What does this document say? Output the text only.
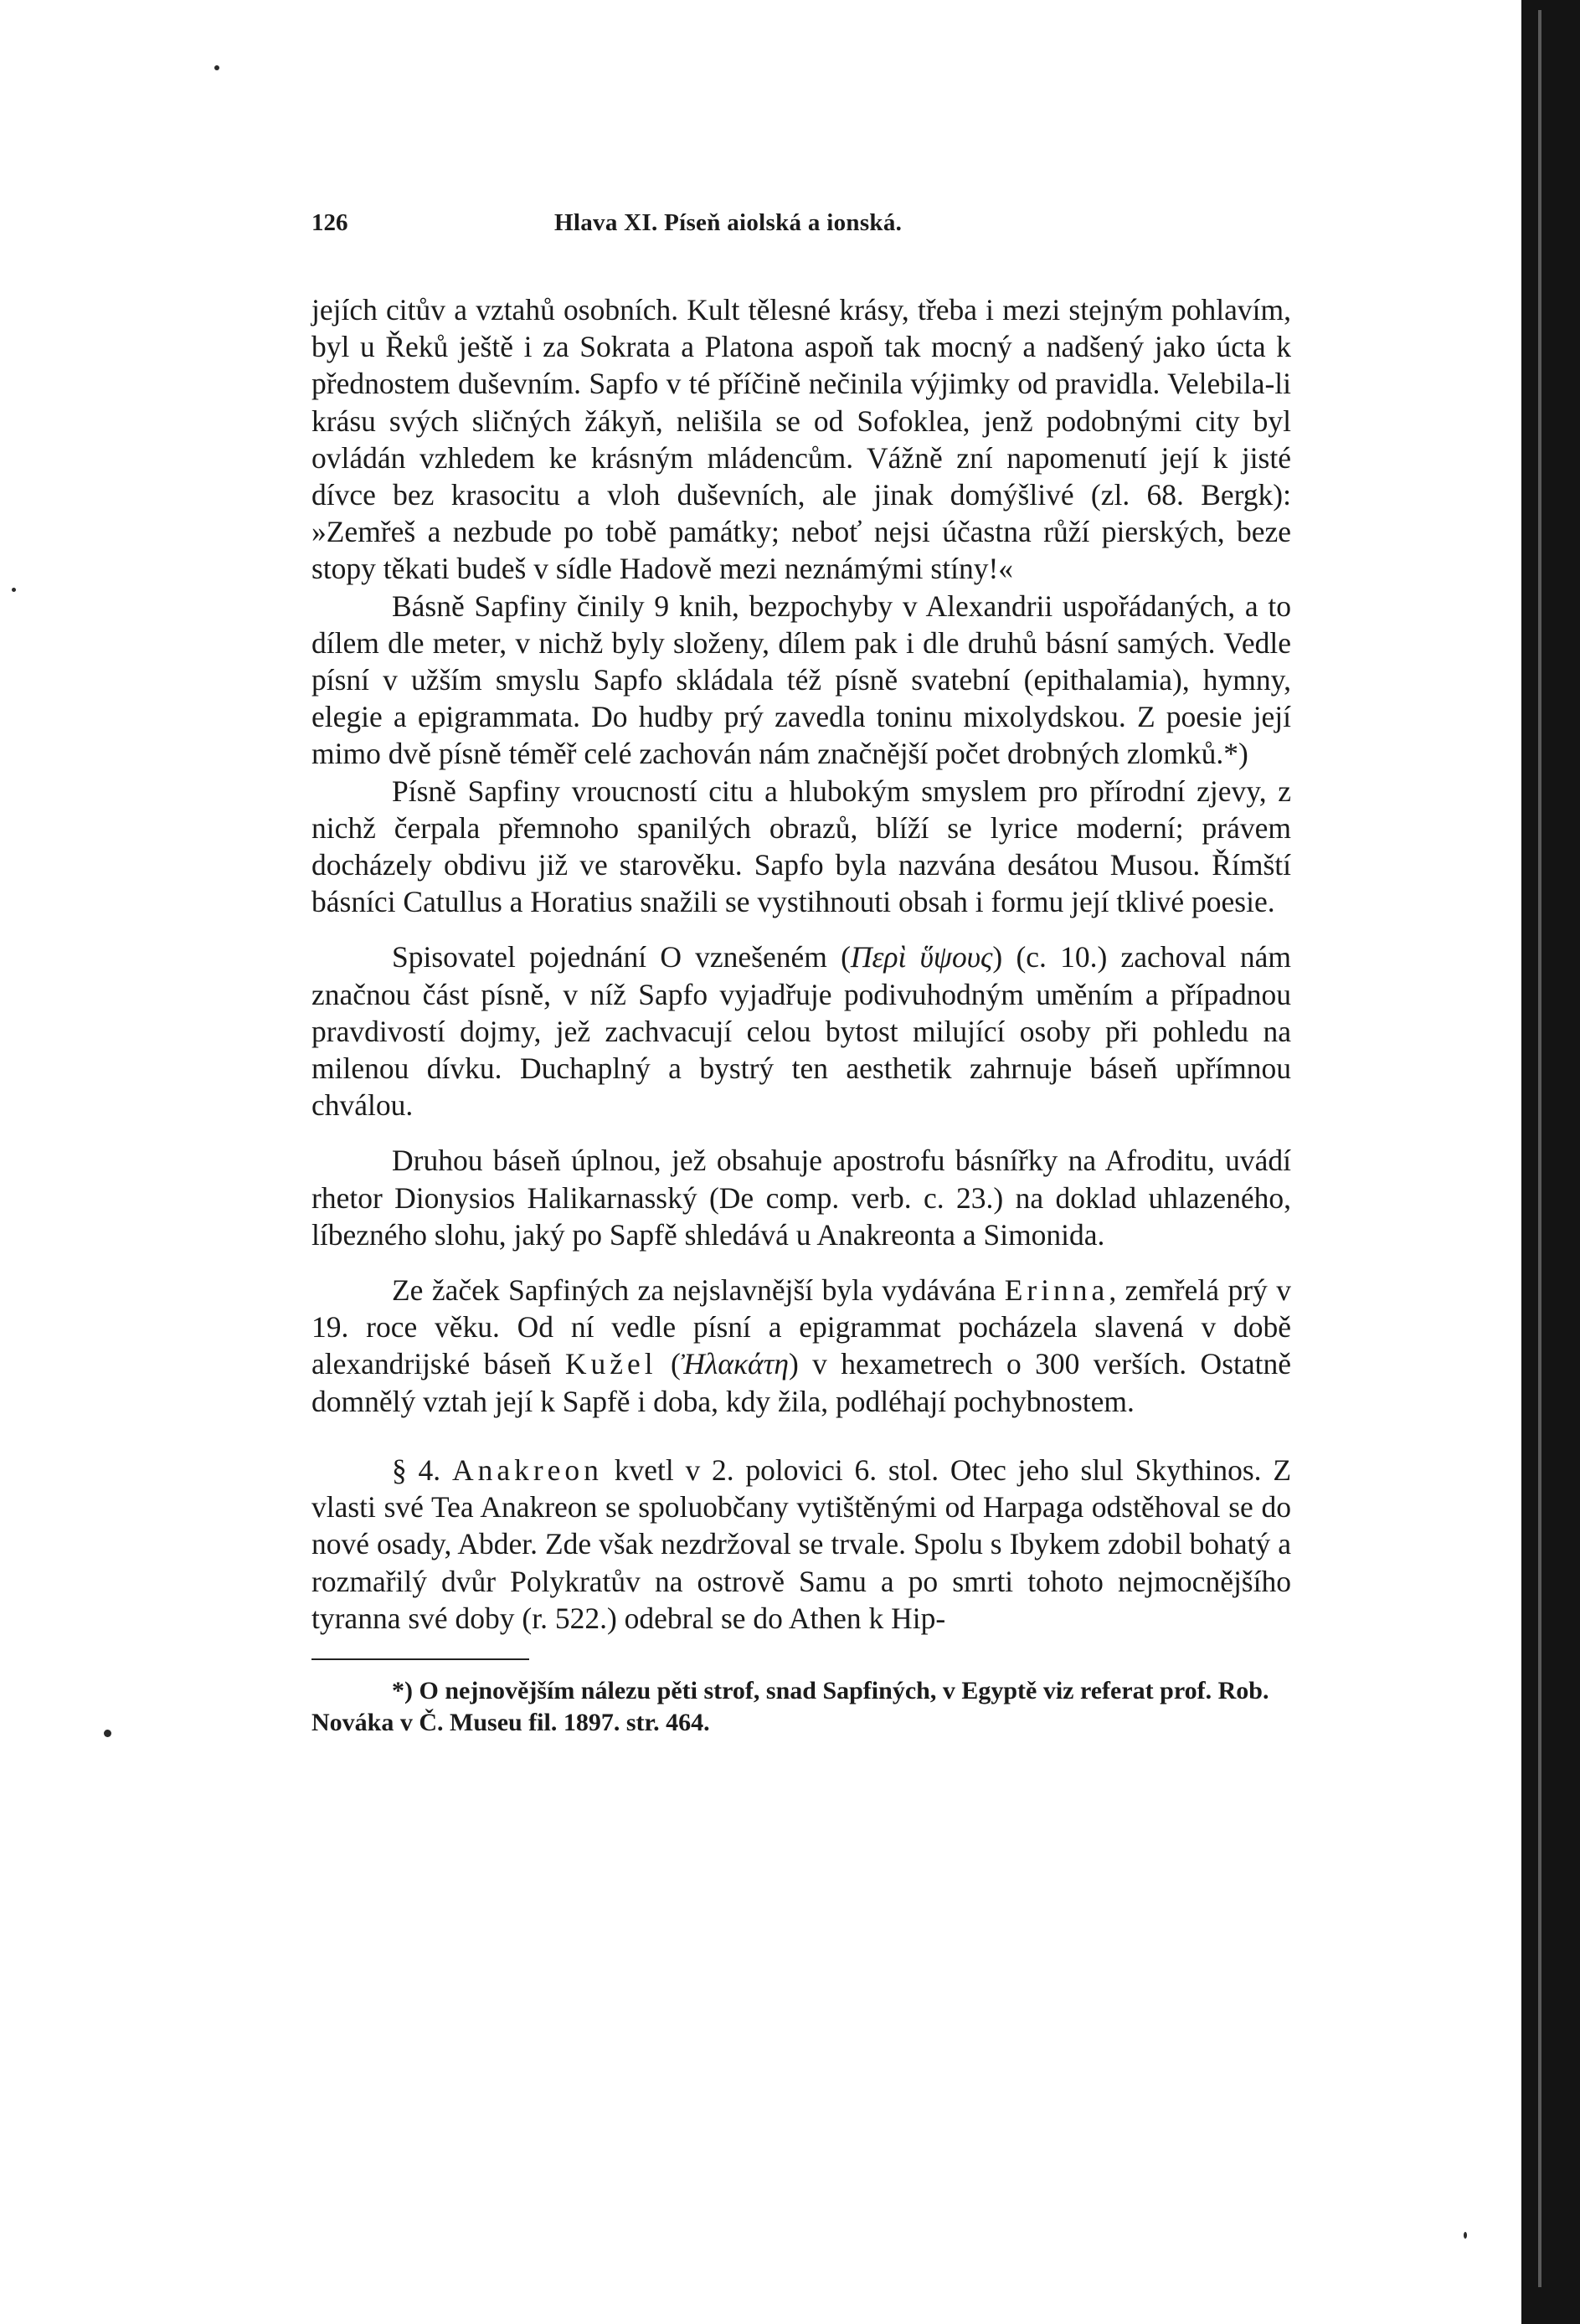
126	Hlava XI. Píseň aiolská a ionská.

jejích citův a vztahů osobních. Kult tělesné krásy, třeba i mezi stejným pohlavím, byl u Řeků ještě i za Sokrata a Platona aspoň tak mocný a nadšený jako úcta k přednostem duševním. Sapfo v té příčině nečinila výjimky od pravidla. Velebila-li krásu svých sličných žákyň, nelišila se od Sofoklea, jenž podobnými city byl ovládán vzhledem ke krásným mládencům. Vážně zní napomenutí její k jisté dívce bez krasocitu a vloh duševních, ale jinak domýšlivé (zl. 68. Bergk): »Zemřeš a nezbude po tobě památky; neboť nejsi účastna růží pierských, beze stopy těkati budeš v sídle Hadově mezi neznámými stíny!«

Básně Sapfiny činily 9 knih, bezpochyby v Alexandrii uspořádaných, a to dílem dle meter, v nichž byly složeny, dílem pak i dle druhů básní samých. Vedle písní v užším smyslu Sapfo skládala též písně svatební (epithalamia), hymny, elegie a epigrammata. Do hudby prý zavedla toninu mixolydskou. Z poesie její mimo dvě písně téměř celé zachován nám značnější počet drobných zlomků.*)

Písně Sapfiny vroucností citu a hlubokým smyslem pro přírodní zjevy, z nichž čerpala přemnoho spanilých obrazů, blíží se lyrice moderní; právem docházely obdivu již ve starověku. Sapfo byla nazvána desátou Musou. Římští básníci Catullus a Horatius snažili se vystihnouti obsah i formu její tklivé poesie.

Spisovatel pojednání O vznešeném (Περὶ ὕψους) (c. 10.) zachoval nám značnou část písně, v níž Sapfo vyjadřuje podivuhodným uměním a případnou pravdivostí dojmy, jež zachvacují celou bytost milující osoby při pohledu na milenou dívku. Duchaplný a bystrý ten aesthetik zahrnuje báseň upřímnou chválou.

Druhou báseň úplnou, jež obsahuje apostrofu básnířky na Afroditu, uvádí rhetor Dionysios Halikarnasský (De comp. verb. c. 23.) na doklad uhlazeného, líbezného slohu, jaký po Sapfě shledává u Anakreonta a Simonida.

Ze žaček Sapfiných za nejslavnější byla vydávána Erinna, zemřelá prý v 19. roce věku. Od ní vedle písní a epigrammat pocházela slavená v době alexandrijské báseň Kužel (Ἠλακάτη) v hexametrech o 300 verších. Ostatně domnělý vztah její k Sapfě i doba, kdy žila, podléhají pochybnostem.

§ 4. Anakreon kvetl v 2. polovici 6. stol. Otec jeho slul Skythinos. Z vlasti své Tea Anakreon se spoluobčany vytištěnými od Harpaga odstěhoval se do nové osady, Abder. Zde však nezdržoval se trvale. Spolu s Ibykem zdobil bohatý a rozmařilý dvůr Polykratův na ostrově Samu a po smrti tohoto nejmocnějšího tyranna své doby (r. 522.) odebral se do Athen k Hip-

*) O nejnovějším nálezu pěti strof, snad Sapfiných, v Egyptě viz referat prof. Rob. Nováka v Č. Museu fil. 1897. str. 464.
